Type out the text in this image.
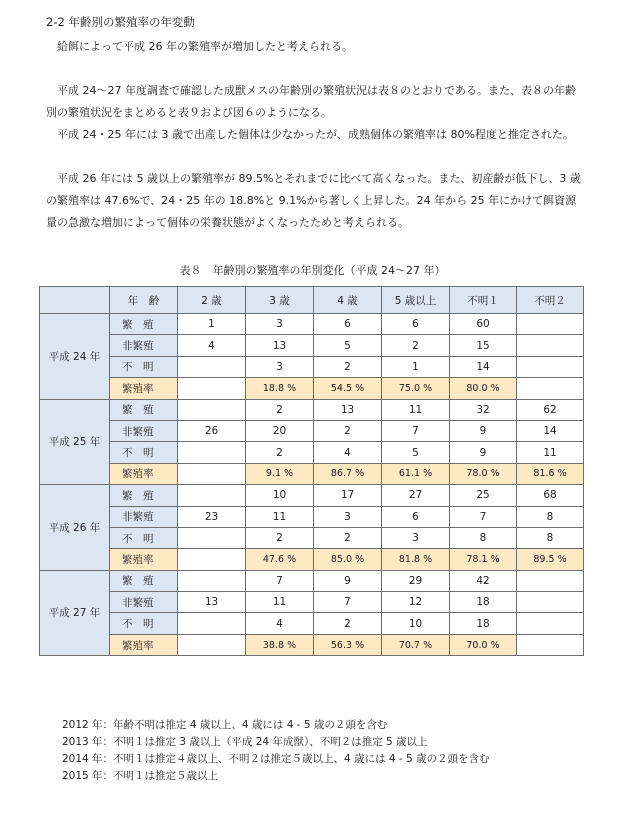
2-2 年齢別の繁殖率の年変動
給餌によって平成 26 年の繁殖率が増加したと考えられる。
平成 24～27 年度調査で確認した成獣メスの年齢別の繁殖状況は表８のとおりである。また、表８の年齢別の繁殖状況をまとめると表９および図６のようになる。
平成 24・25 年には 3 歳で出産した個体は少なかったが、成熟個体の繁殖率は 80%程度と推定された。
平成 26 年には 5 歳以上の繁殖率が 89.5%とそれまでに比べて高くなった。また、初産齢が低下し、3 歳の繁殖率は 47.6%で、24・25 年の 18.8%と 9.1%から著しく上昇した。24 年から 25 年にかけて餌資源量の急激な増加によって個体の栄養状態がよくなったためと考えられる。
表８　年齢別の繁殖率の年別変化（平成 24～27 年）
	年　齢	2 歳	3 歳	4 歳	5 歳以上	不明１	不明２
平成 24 年	繁　殖	1	3	6	6	60	
	非繁殖	4	13	5	2	15	
	不　明		3	2	1	14	
	繁殖率		18.8 %	54.5 %	75.0 %	80.0 %	
平成 25 年	繁　殖		2	13	11	32	62
	非繁殖	26	20	2	7	9	14
	不　明		2	4	5	9	11
	繁殖率		9.1 %	86.7 %	61.1 %	78.0 %	81.6 %
平成 26 年	繁　殖		10	17	27	25	68
	非繁殖	23	11	3	6	7	8
	不　明		2	2	3	8	8
	繁殖率		47.6 %	85.0 %	81.8 %	78.1 %	89.5 %
平成 27 年	繁　殖		7	9	29	42	
	非繁殖	13	11	7	12	18	
	不　明		4	2	10	18	
	繁殖率		38.8 %	56.3 %	70.7 %	70.0 %	
2012 年：年齢不明は推定 4 歳以上、4 歳には 4 - 5 歳の２頭を含む
2013 年：不明１は推定 3 歳以上（平成 24 年成獣）、不明２は推定 5 歳以上
2014 年：不明１は推定４歳以上、不明２は推定５歳以上、4 歳には 4 - 5 歳の２頭を含む
2015 年：不明１は推定５歳以上
